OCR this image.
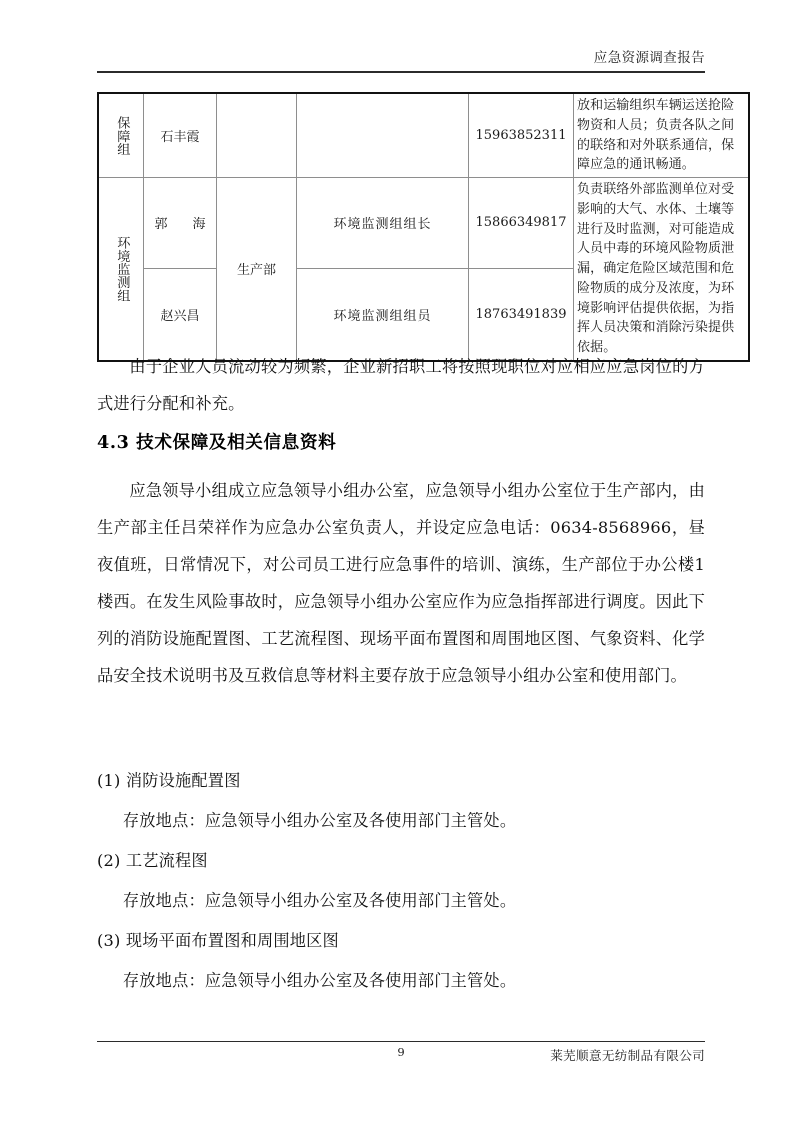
应急资源调查报告
保障组	石丰霞			15963852311	放和运输组织车辆运送抢险物资和人员；负责各队之间的联络和对外联系通信，保障应急的通讯畅通。

环境监测组	郭　海	生产部	环境监测组组长	15866349817	负责联络外部监测单位对受影响的大气、水体、土壤等进行及时监测，对可能造成人员中毒的环境风险物质泄漏，确定危险区域范围和危险物质的成分及浓度，为环境影响评估提供依据，为指挥人员决策和消除污染提供依据。
	赵兴昌		环境监测组组员	18763491839	

由于企业人员流动较为频繁，企业新招职工将按照现职位对应相应应急岗位的方式进行分配和补充。

4.3 技术保障及相关信息资料

应急领导小组成立应急领导小组办公室，应急领导小组办公室位于生产部内，由生产部主任吕荣祥作为应急办公室负责人，并设定应急电话：0634-8568966，昼夜值班，日常情况下，对公司员工进行应急事件的培训、演练，生产部位于办公楼1楼西。在发生风险事故时，应急领导小组办公室应作为应急指挥部进行调度。因此下列的消防设施配置图、工艺流程图、现场平面布置图和周围地区图、气象资料、化学品安全技术说明书及互救信息等材料主要存放于应急领导小组办公室和使用部门。

(1) 消防设施配置图

存放地点：应急领导小组办公室及各使用部门主管处。

(2) 工艺流程图

存放地点：应急领导小组办公室及各使用部门主管处。

(3) 现场平面布置图和周围地区图

存放地点：应急领导小组办公室及各使用部门主管处。

9	莱芜顺意无纺制品有限公司
